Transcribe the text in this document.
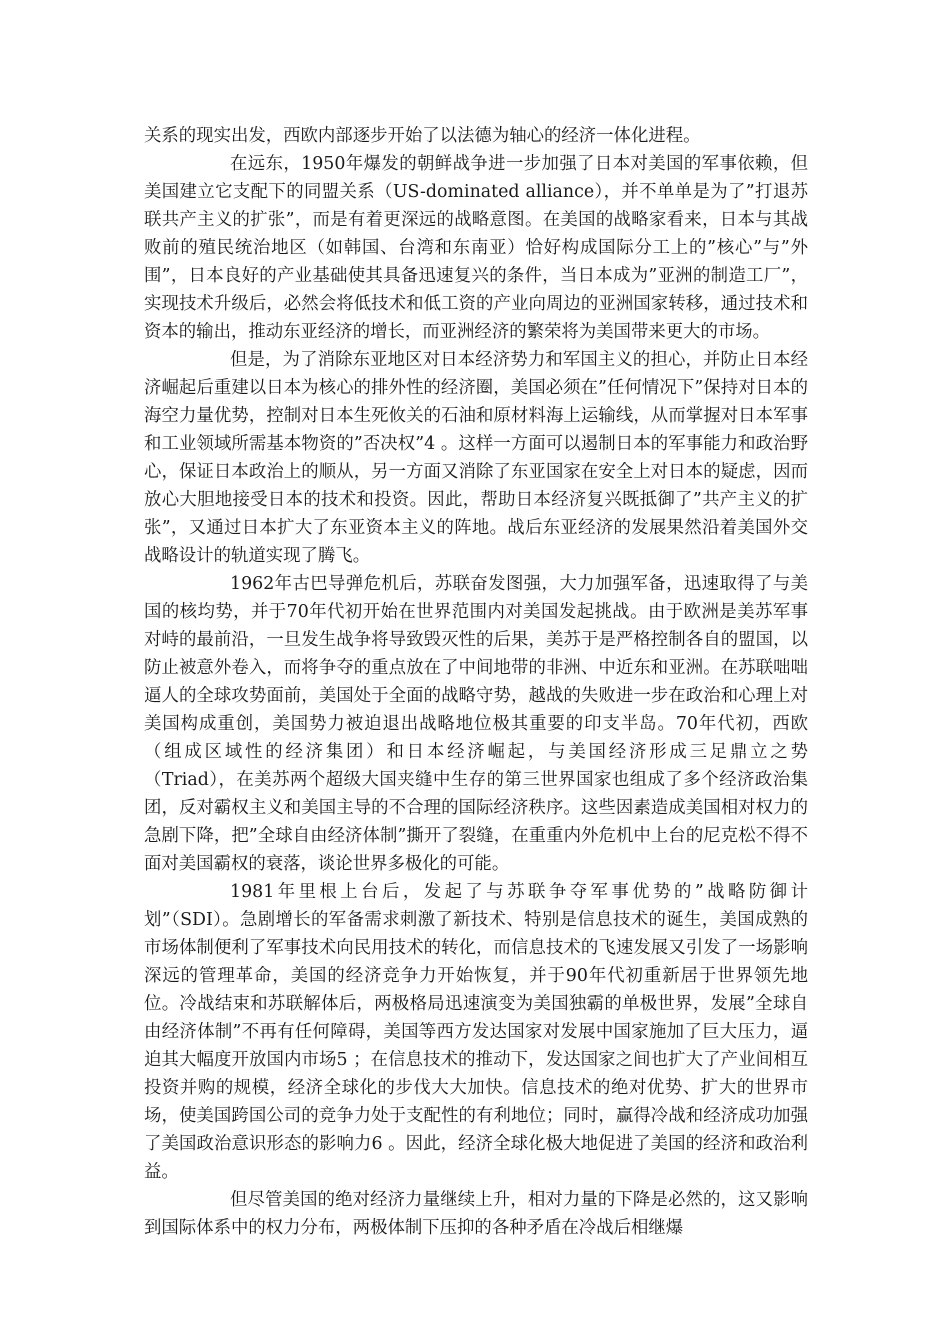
关系的现实出发，西欧内部逐步开始了以法德为轴心的经济一体化进程。

在远东，1950年爆发的朝鲜战争进一步加强了日本对美国的军事依赖，但美国建立它支配下的同盟关系（US-dominated alliance），并不单单是为了”打退苏联共产主义的扩张”，而是有着更深远的战略意图。在美国的战略家看来，日本与其战败前的殖民统治地区（如韩国、台湾和东南亚）恰好构成国际分工上的”核心”与”外围”，日本良好的产业基础使其具备迅速复兴的条件，当日本成为”亚洲的制造工厂”，实现技术升级后，必然会将低技术和低工资的产业向周边的亚洲国家转移，通过技术和资本的输出，推动东亚经济的增长，而亚洲经济的繁荣将为美国带来更大的市场。

但是，为了消除东亚地区对日本经济势力和军国主义的担心，并防止日本经济崛起后重建以日本为核心的排外性的经济圈，美国必须在”任何情况下”保持对日本的海空力量优势，控制对日本生死攸关的石油和原材料海上运输线，从而掌握对日本军事和工业领域所需基本物资的”否决权”4 。这样一方面可以遏制日本的军事能力和政治野心，保证日本政治上的顺从，另一方面又消除了东亚国家在安全上对日本的疑虑，因而放心大胆地接受日本的技术和投资。因此，帮助日本经济复兴既抵御了”共产主义的扩张”，又通过日本扩大了东亚资本主义的阵地。战后东亚经济的发展果然沿着美国外交战略设计的轨道实现了腾飞。

1962年古巴导弹危机后，苏联奋发图强，大力加强军备，迅速取得了与美国的核均势，并于70年代初开始在世界范围内对美国发起挑战。由于欧洲是美苏军事对峙的最前沿，一旦发生战争将导致毁灭性的后果，美苏于是严格控制各自的盟国，以防止被意外卷入，而将争夺的重点放在了中间地带的非洲、中近东和亚洲。在苏联咄咄逼人的全球攻势面前，美国处于全面的战略守势，越战的失败进一步在政治和心理上对美国构成重创，美国势力被迫退出战略地位极其重要的印支半岛。70年代初，西欧（组成区域性的经济集团）和日本经济崛起，与美国经济形成三足鼎立之势（Triad），在美苏两个超级大国夹缝中生存的第三世界国家也组成了多个经济政治集团，反对霸权主义和美国主导的不合理的国际经济秩序。这些因素造成美国相对权力的急剧下降，把”全球自由经济体制”撕开了裂缝，在重重内外危机中上台的尼克松不得不面对美国霸权的衰落，谈论世界多极化的可能。

1981年里根上台后，发起了与苏联争夺军事优势的”战略防御计划”（SDI）。急剧增长的军备需求刺激了新技术、特别是信息技术的诞生，美国成熟的市场体制便利了军事技术向民用技术的转化，而信息技术的飞速发展又引发了一场影响深远的管理革命，美国的经济竞争力开始恢复，并于90年代初重新居于世界领先地位。冷战结束和苏联解体后，两极格局迅速演变为美国独霸的单极世界，发展”全球自由经济体制”不再有任何障碍，美国等西方发达国家对发展中国家施加了巨大压力，逼迫其大幅度开放国内市场5 ；在信息技术的推动下，发达国家之间也扩大了产业间相互投资并购的规模，经济全球化的步伐大大加快。信息技术的绝对优势、扩大的世界市场，使美国跨国公司的竞争力处于支配性的有利地位；同时，赢得冷战和经济成功加强了美国政治意识形态的影响力6 。因此，经济全球化极大地促进了美国的经济和政治利益。

但尽管美国的绝对经济力量继续上升，相对力量的下降是必然的，这又影响到国际体系中的权力分布，两极体制下压抑的各种矛盾在冷战后相继爆
